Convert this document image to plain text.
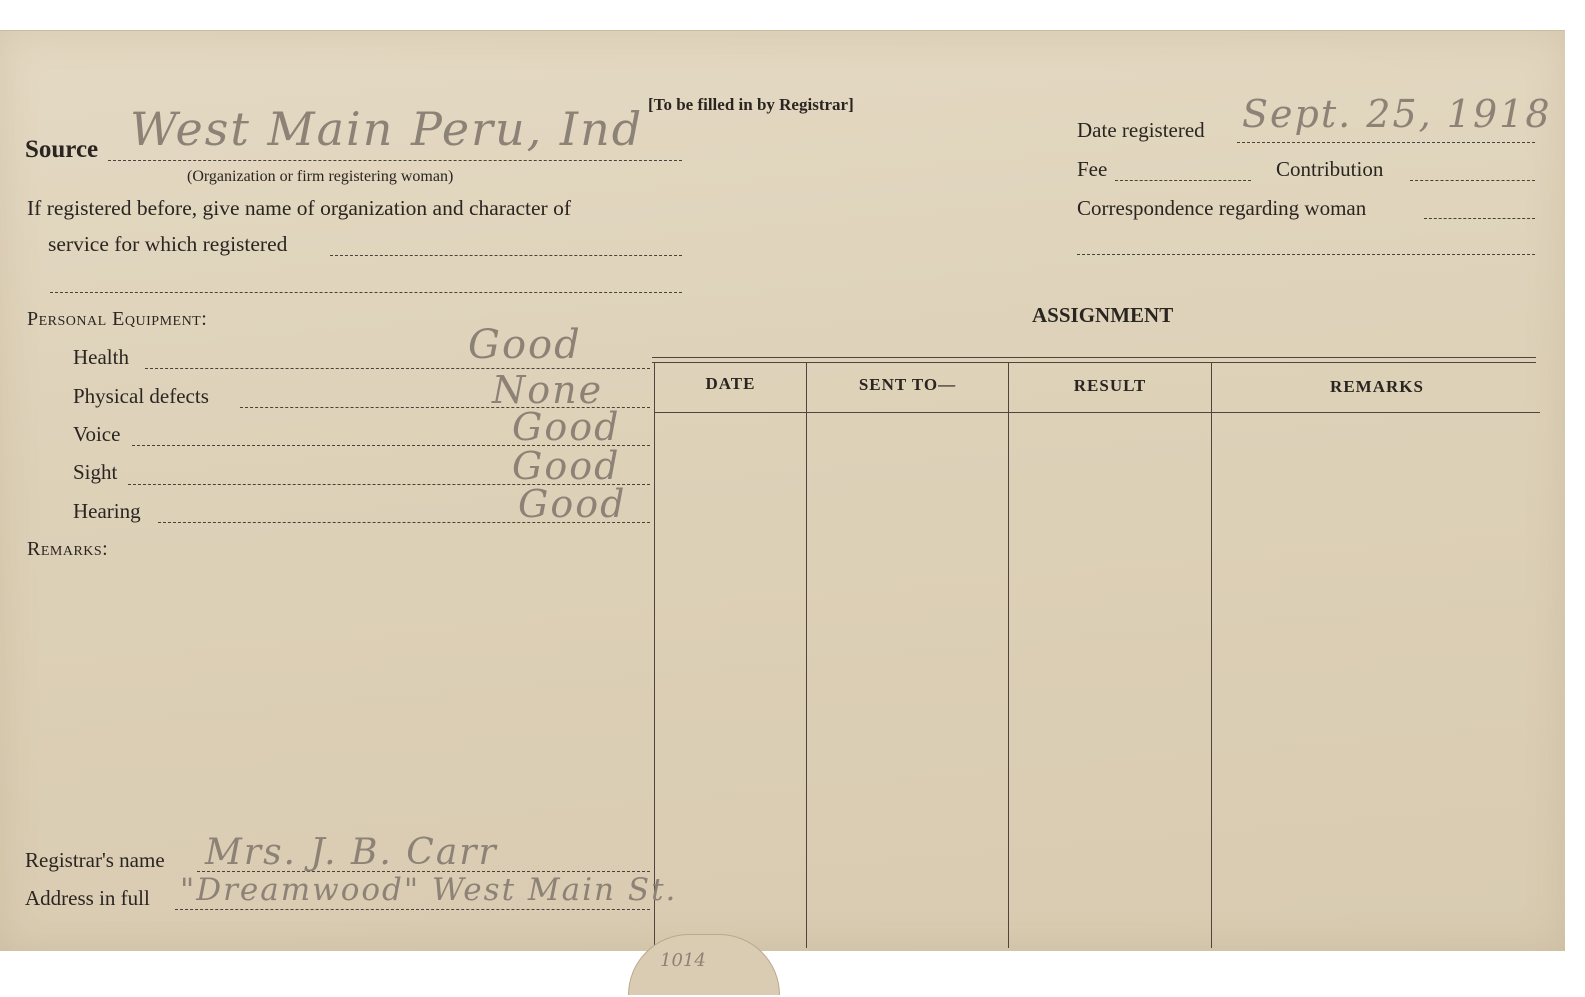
[To be filled in by Registrar]
Source West Main Peru, Ind
(Organization or firm registering woman)
If registered before, give name of organization and character of
service for which registered
Date registered Sept. 25, 1918
Fee	Contribution
Correspondence regarding woman
Personal Equipment:
Health	Good
Physical defects	None
Voice	Good
Sight	Good
Hearing	Good
Remarks:
ASSIGNMENT
DATE	SENT TO—	RESULT	REMARKS
Registrar's name Mrs. J. B. Carr
Address in full "Dreamwood" West Main St.
1014
